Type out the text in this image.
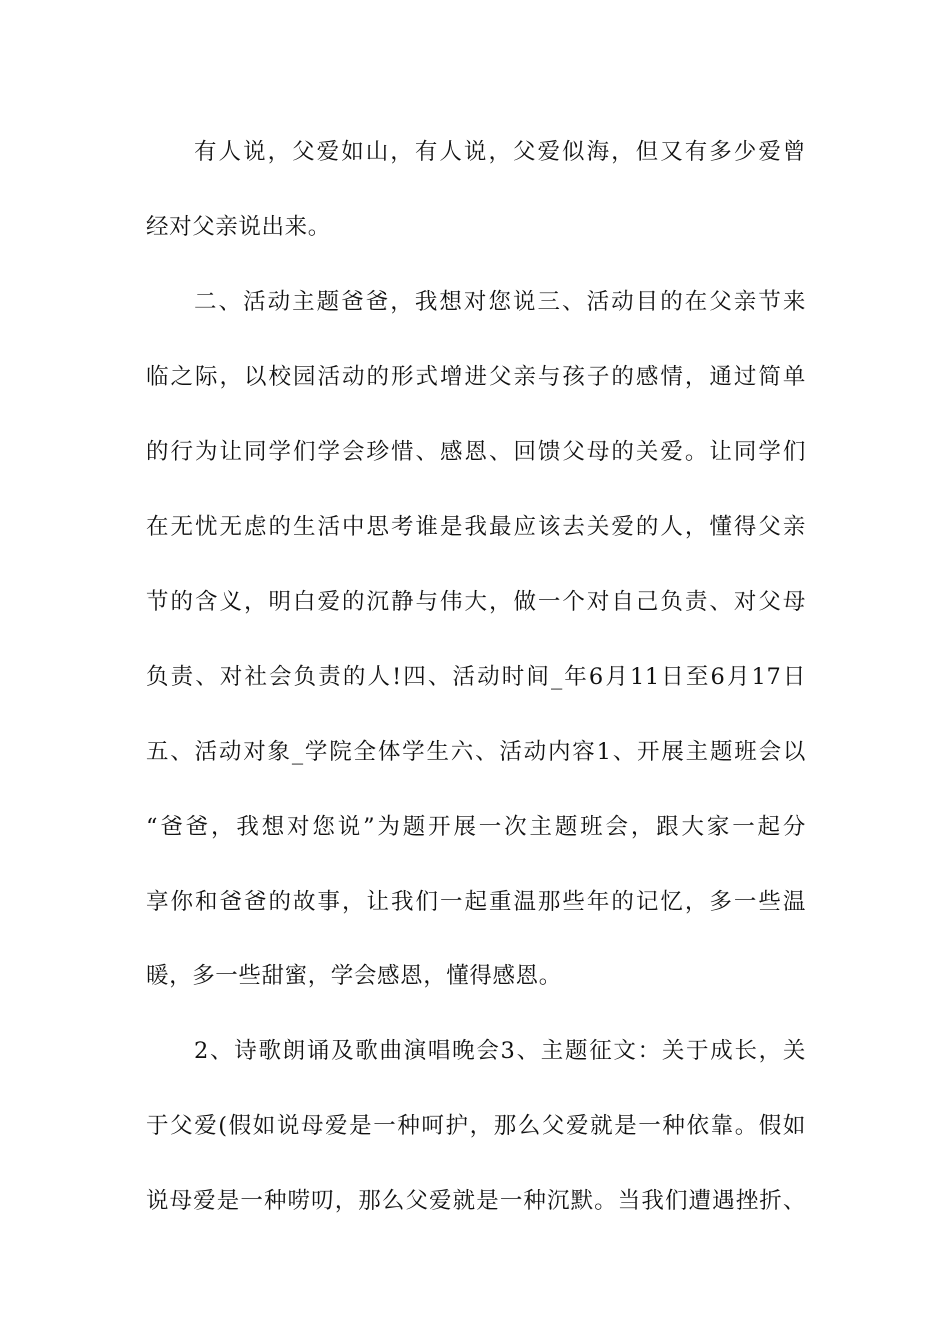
有人说，父爱如山，有人说，父爱似海，但又有多少爱曾
经对父亲说出来。
二、活动主题爸爸，我想对您说三、活动目的在父亲节来
临之际，以校园活动的形式增进父亲与孩子的感情，通过简单
的行为让同学们学会珍惜、感恩、回馈父母的关爱。让同学们
在无忧无虑的生活中思考谁是我最应该去关爱的人，懂得父亲
节的含义，明白爱的沉静与伟大，做一个对自己负责、对父母
负责、对社会负责的人!四、活动时间_年6月11日至6月17日
五、活动对象_学院全体学生六、活动内容1、开展主题班会以
“爸爸，我想对您说”为题开展一次主题班会，跟大家一起分
享你和爸爸的故事，让我们一起重温那些年的记忆，多一些温
暖，多一些甜蜜，学会感恩，懂得感恩。
2、诗歌朗诵及歌曲演唱晚会3、主题征文：关于成长，关
于父爱(假如说母爱是一种呵护，那么父爱就是一种依靠。假如
说母爱是一种唠叨，那么父爱就是一种沉默。当我们遭遇挫折、
